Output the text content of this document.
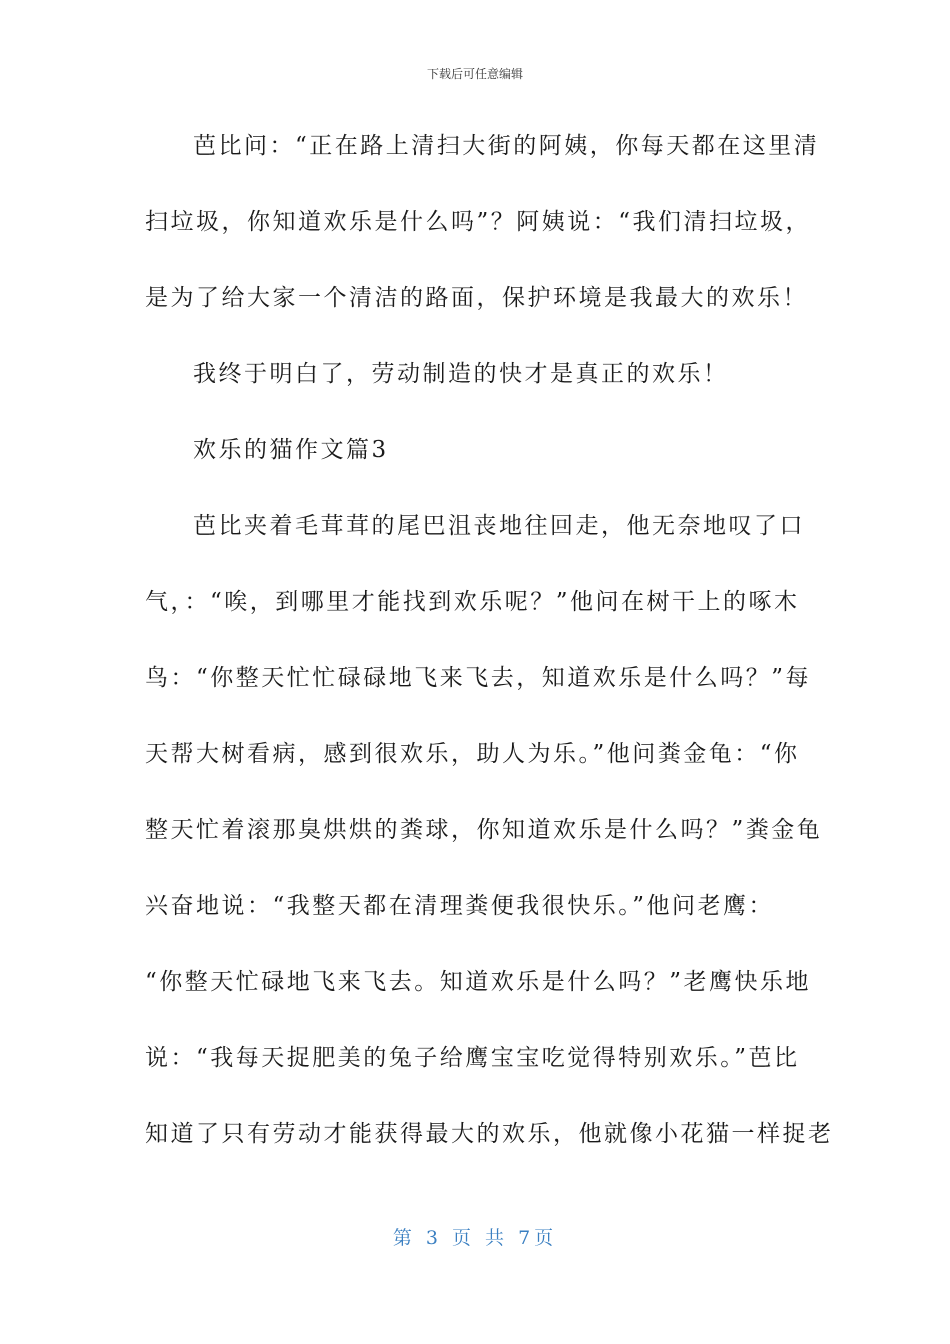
下载后可任意编辑
芭比问：“正在路上清扫大街的阿姨，你每天都在这里清
扫垃圾，你知道欢乐是什么吗”？阿姨说：“我们清扫垃圾，
是为了给大家一个清洁的路面，保护环境是我最大的欢乐！
我终于明白了，劳动制造的快才是真正的欢乐！
欢乐的猫作文篇3
芭比夹着毛茸茸的尾巴沮丧地往回走，他无奈地叹了口
气，：“唉，到哪里才能找到欢乐呢？”他问在树干上的啄木
鸟：“你整天忙忙碌碌地飞来飞去，知道欢乐是什么吗？”每
天帮大树看病，感到很欢乐，助人为乐。”他问粪金龟：“你
整天忙着滚那臭烘烘的粪球，你知道欢乐是什么吗？”粪金龟
兴奋地说：“我整天都在清理粪便我很快乐。”他问老鹰：
“你整天忙碌地飞来飞去。知道欢乐是什么吗？”老鹰快乐地
说：“我每天捉肥美的兔子给鹰宝宝吃觉得特别欢乐。”芭比
知道了只有劳动才能获得最大的欢乐，他就像小花猫一样捉老
第 3 页 共 7页
